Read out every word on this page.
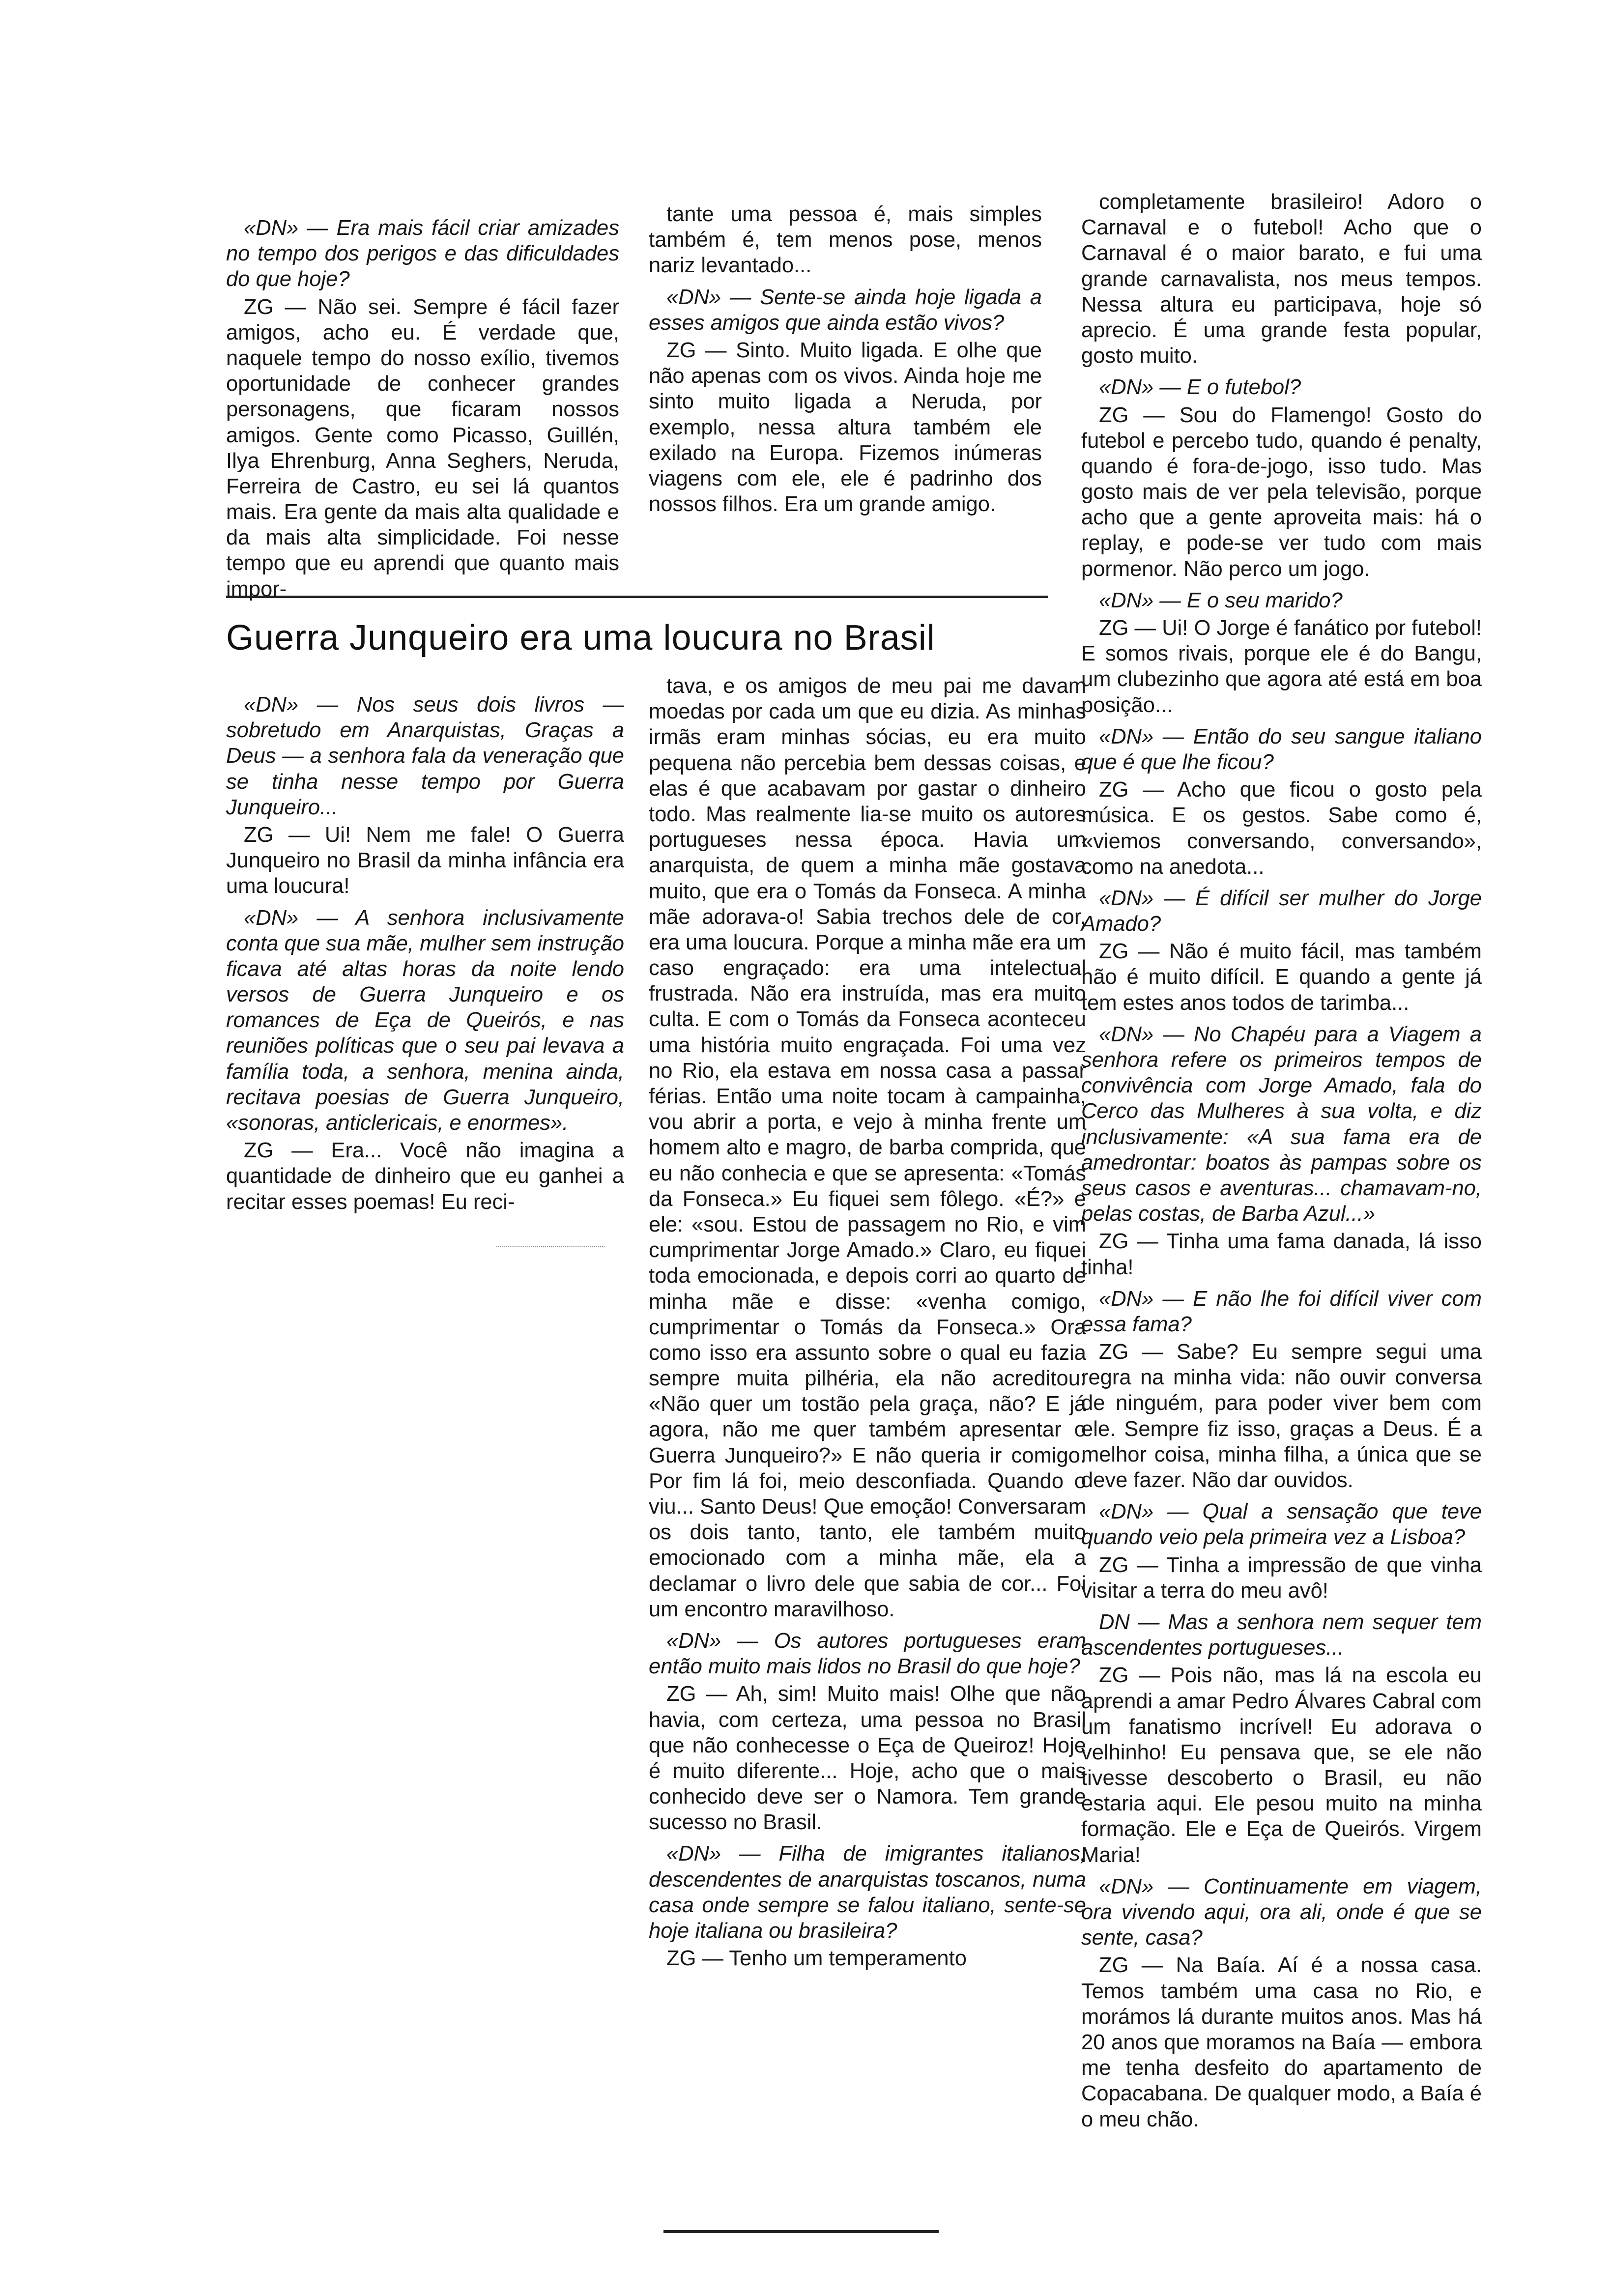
«DN» — Era mais fácil criar amizades no tempo dos perigos e das dificuldades do que hoje?

ZG — Não sei. Sempre é fácil fazer amigos, acho eu. É verdade que, naquele tempo do nosso exílio, tivemos oportunidade de conhecer grandes personagens, que ficaram nossos amigos. Gente como Picasso, Guillén, Ilya Ehrenburg, Anna Seghers, Neruda, Ferreira de Castro, eu sei lá quantos mais. Era gente da mais alta qualidade e da mais alta simplicidade. Foi nesse tempo que eu aprendi que quanto mais impor-

tante uma pessoa é, mais simples também é, tem menos pose, menos nariz levantado...

«DN» — Sente-se ainda hoje ligada a esses amigos que ainda estão vivos?

ZG — Sinto. Muito ligada. E olhe que não apenas com os vivos. Ainda hoje me sinto muito ligada a Neruda, por exemplo, nessa altura também ele exilado na Europa. Fizemos inúmeras viagens com ele, ele é padrinho dos nossos filhos. Era um grande amigo.

completamente brasileiro! Adoro o Carnaval e o futebol! Acho que o Carnaval é o maior barato, e fui uma grande carnavalista, nos meus tempos. Nessa altura eu participava, hoje só aprecio. É uma grande festa popular, gosto muito.

«DN» — E o futebol?

ZG — Sou do Flamengo! Gosto do futebol e percebo tudo, quando é penalty, quando é fora-de-jogo, isso tudo. Mas gosto mais de ver pela televisão, porque acho que a gente aproveita mais: há o replay, e pode-se ver tudo com mais pormenor. Não perco um jogo.

«DN» — E o seu marido?

ZG — Ui! O Jorge é fanático por futebol! E somos rivais, porque ele é do Bangu, um clubezinho que agora até está em boa posição...

«DN» — Então do seu sangue italiano que é que lhe ficou?

ZG — Acho que ficou o gosto pela música. E os gestos. Sabe como é, «viemos conversando, conversando», como na anedota...

«DN» — É difícil ser mulher do Jorge Amado?

ZG — Não é muito fácil, mas também não é muito difícil. E quando a gente já tem estes anos todos de tarimba...

«DN» — No Chapéu para a Viagem a senhora refere os primeiros tempos de convivência com Jorge Amado, fala do Cerco das Mulheres à sua volta, e diz inclusivamente: «A sua fama era de amedrontar: boatos às pampas sobre os seus casos e aventuras... chamavam-no, pelas costas, de Barba Azul...»

ZG — Tinha uma fama danada, lá isso tinha!

«DN» — E não lhe foi difícil viver com essa fama?

ZG — Sabe? Eu sempre segui uma regra na minha vida: não ouvir conversa de ninguém, para poder viver bem com ele. Sempre fiz isso, graças a Deus. É a melhor coisa, minha filha, a única que se deve fazer. Não dar ouvidos.

«DN» — Qual a sensação que teve quando veio pela primeira vez a Lisboa?

ZG — Tinha a impressão de que vinha visitar a terra do meu avô!

DN — Mas a senhora nem sequer tem ascendentes portugueses...

ZG — Pois não, mas lá na escola eu aprendi a amar Pedro Álvares Cabral com um fanatismo incrível! Eu adorava o velhinho! Eu pensava que, se ele não tivesse descoberto o Brasil, eu não estaria aqui. Ele pesou muito na minha formação. Ele e Eça de Queirós. Virgem Maria!

«DN» — Continuamente em viagem, ora vivendo aqui, ora ali, onde é que se sente, casa?

ZG — Na Baía. Aí é a nossa casa. Temos também uma casa no Rio, e morámos lá durante muitos anos. Mas há 20 anos que moramos na Baía — embora me tenha desfeito do apartamento de Copacabana. De qualquer modo, a Baía é o meu chão.

Guerra Junqueiro era uma loucura no Brasil

«DN» — Nos seus dois livros — sobretudo em Anarquistas, Graças a Deus — a senhora fala da veneração que se tinha nesse tempo por Guerra Junqueiro...

ZG — Ui! Nem me fale! O Guerra Junqueiro no Brasil da minha infância era uma loucura!

«DN» — A senhora inclusivamente conta que sua mãe, mulher sem instrução ficava até altas horas da noite lendo versos de Guerra Junqueiro e os romances de Eça de Queirós, e nas reuniões políticas que o seu pai levava a família toda, a senhora, menina ainda, recitava poesias de Guerra Junqueiro, «sonoras, anticlericais, e enormes».

ZG — Era... Você não imagina a quantidade de dinheiro que eu ganhei a recitar esses poemas! Eu reci-

tava, e os amigos de meu pai me davam moedas por cada um que eu dizia. As minhas irmãs eram minhas sócias, eu era muito pequena não percebia bem dessas coisas, e elas é que acabavam por gastar o dinheiro todo. Mas realmente lia-se muito os autores portugueses nessa época. Havia um anarquista, de quem a minha mãe gostava muito, que era o Tomás da Fonseca. A minha mãe adorava-o! Sabia trechos dele de cor, era uma loucura. Porque a minha mãe era um caso engraçado: era uma intelectual frustrada. Não era instruída, mas era muito culta. E com o Tomás da Fonseca aconteceu uma história muito engraçada. Foi uma vez no Rio, ela estava em nossa casa a passar férias. Então uma noite tocam à campainha, vou abrir a porta, e vejo à minha frente um homem alto e magro, de barba comprida, que eu não conhecia e que se apresenta: «Tomás da Fonseca.» Eu fiquei sem fôlego. «É?» e ele: «sou. Estou de passagem no Rio, e vim cumprimentar Jorge Amado.» Claro, eu fiquei toda emocionada, e depois corri ao quarto de minha mãe e disse: «venha comigo, cumprimentar o Tomás da Fonseca.» Ora como isso era assunto sobre o qual eu fazia sempre muita pilhéria, ela não acreditou: «Não quer um tostão pela graça, não? E já agora, não me quer também apresentar o Guerra Junqueiro?» E não queria ir comigo. Por fim lá foi, meio desconfiada. Quando o viu... Santo Deus! Que emoção! Conversaram os dois tanto, tanto, ele também muito emocionado com a minha mãe, ela a declamar o livro dele que sabia de cor... Foi um encontro maravilhoso.

«DN» — Os autores portugueses eram então muito mais lidos no Brasil do que hoje?

ZG — Ah, sim! Muito mais! Olhe que não havia, com certeza, uma pessoa no Brasil que não conhecesse o Eça de Queiroz! Hoje é muito diferente... Hoje, acho que o mais conhecido deve ser o Namora. Tem grande sucesso no Brasil.

«DN» — Filha de imigrantes italianos, descendentes de anarquistas toscanos, numa casa onde sempre se falou italiano, sente-se hoje italiana ou brasileira?

ZG — Tenho um temperamento
